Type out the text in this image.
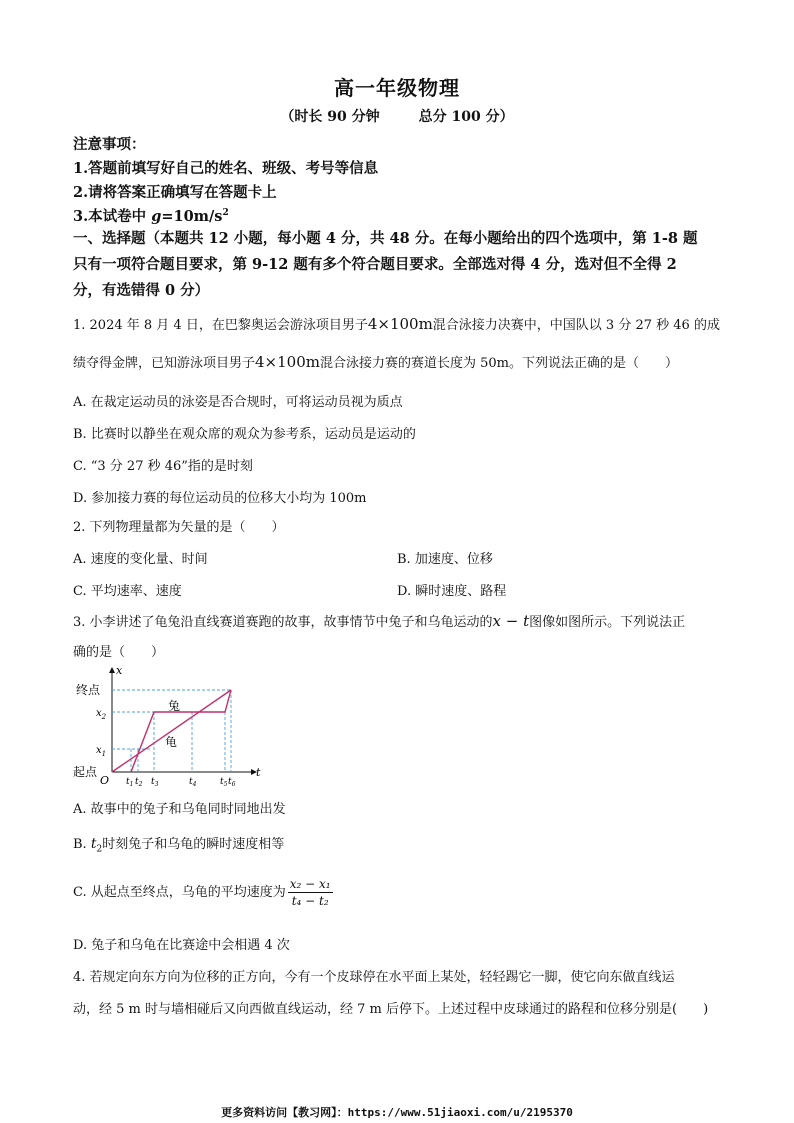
高一年级物理
（时长 90 分钟	总分 100 分）
注意事项：
1.答题前填写好自己的姓名、班级、考号等信息
2.请将答案正确填写在答题卡上
3.本试卷中 $g=10m/s^2$
一、选择题（本题共 12 小题，每小题 4 分，共 48 分。在每小题给出的四个选项中，第 1-8 题
只有一项符合题目要求，第 9-12 题有多个符合题目要求。全部选对得 4 分，选对但不全得 2
分，有选错得 0 分）
1. 2024 年 8 月 4 日，在巴黎奥运会游泳项目男子4×100m混合泳接力决赛中，中国队以 3 分 27 秒 46 的成
绩夺得金牌，已知游泳项目男子4×100m混合泳接力赛的赛道长度为 50m。下列说法正确的是（　　）
A. 在裁定运动员的泳姿是否合规时，可将运动员视为质点
B. 比赛时以静坐在观众席的观众为参考系，运动员是运动的
C. “3 分 27 秒 46”指的是时刻
D. 参加接力赛的每位运动员的位移大小均为 100m
2. 下列物理量都为矢量的是（　　）
A. 速度的变化量、时间	B. 加速度、位移
C. 平均速率、速度	D. 瞬时速度、路程
3. 小李讲述了龟兔沿直线赛道赛跑的故事，故事情节中兔子和乌龟运动的x − t图像如图所示。下列说法正
确的是（　　）
x
t
终点
起点
O
$x_2$
$x_1$
兔
龟
$t_1$ $t_2$ $t_3$	$t_4$	$t_5$ $t_6$
A. 故事中的兔子和乌龟同时同地出发
B. $t_2$时刻兔子和乌龟的瞬时速度相等
C. 从起点至终点，乌龟的平均速度为 $\frac{\text{x₂ − x₁}}{\text{t₄ − t₂}}$
D. 兔子和乌龟在比赛途中会相遇 4 次
4. 若规定向东方向为位移的正方向，今有一个皮球停在水平面上某处，轻轻踢它一脚，使它向东做直线运
动，经 5 m 时与墙相碰后又向西做直线运动，经 7 m 后停下。上述过程中皮球通过的路程和位移分别是(　　)
更多资料访问【教习网】：https://www.51jiaoxi.com/u/2195370
